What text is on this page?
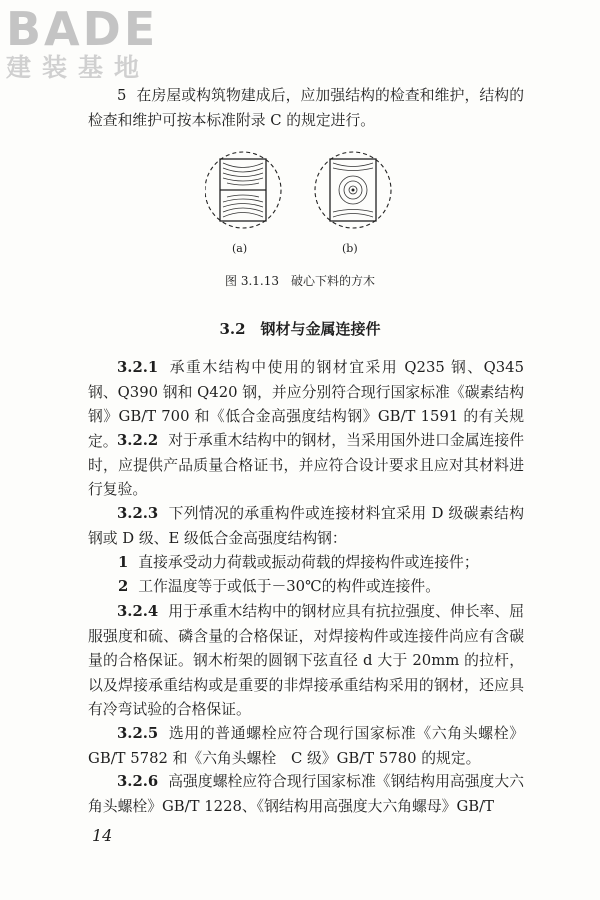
BADE
建装基地
5 在房屋或构筑物建成后，应加强结构的检查和维护，结构的检查和维护可按本标准附录 C 的规定进行。
(a)	(b)
图 3.1.13　破心下料的方木
3.2　钢材与金属连接件
3.2.1 承重木结构中使用的钢材宜采用 Q235 钢、Q345 钢、Q390 钢和 Q420 钢，并应分别符合现行国家标准《碳素结构钢》GB/T 700 和《低合金高强度结构钢》GB/T 1591 的有关规定。 3.2.2 对于承重木结构中的钢材，当采用国外进口金属连接件时，应提供产品质量合格证书，并应符合设计要求且应对其材料进行复验。
3.2.3 下列情况的承重构件或连接材料宜采用 D 级碳素结构钢或 D 级、E 级低合金高强度结构钢：
1 直接承受动力荷载或振动荷载的焊接构件或连接件；
2 工作温度等于或低于－30℃的构件或连接件。
3.2.4 用于承重木结构中的钢材应具有抗拉强度、伸长率、屈服强度和硫、磷含量的合格保证，对焊接构件或连接件尚应有含碳量的合格保证。钢木桁架的圆钢下弦直径 d 大于 20mm 的拉杆，以及焊接承重结构或是重要的非焊接承重结构采用的钢材，还应具有冷弯试验的合格保证。
3.2.5 选用的普通螺栓应符合现行国家标准《六角头螺栓》GB/T 5782 和《六角头螺栓　C 级》GB/T 5780 的规定。
3.2.6 高强度螺栓应符合现行国家标准《钢结构用高强度大六角头螺栓》GB/T 1228、《钢结构用高强度大六角螺母》GB/T
14
